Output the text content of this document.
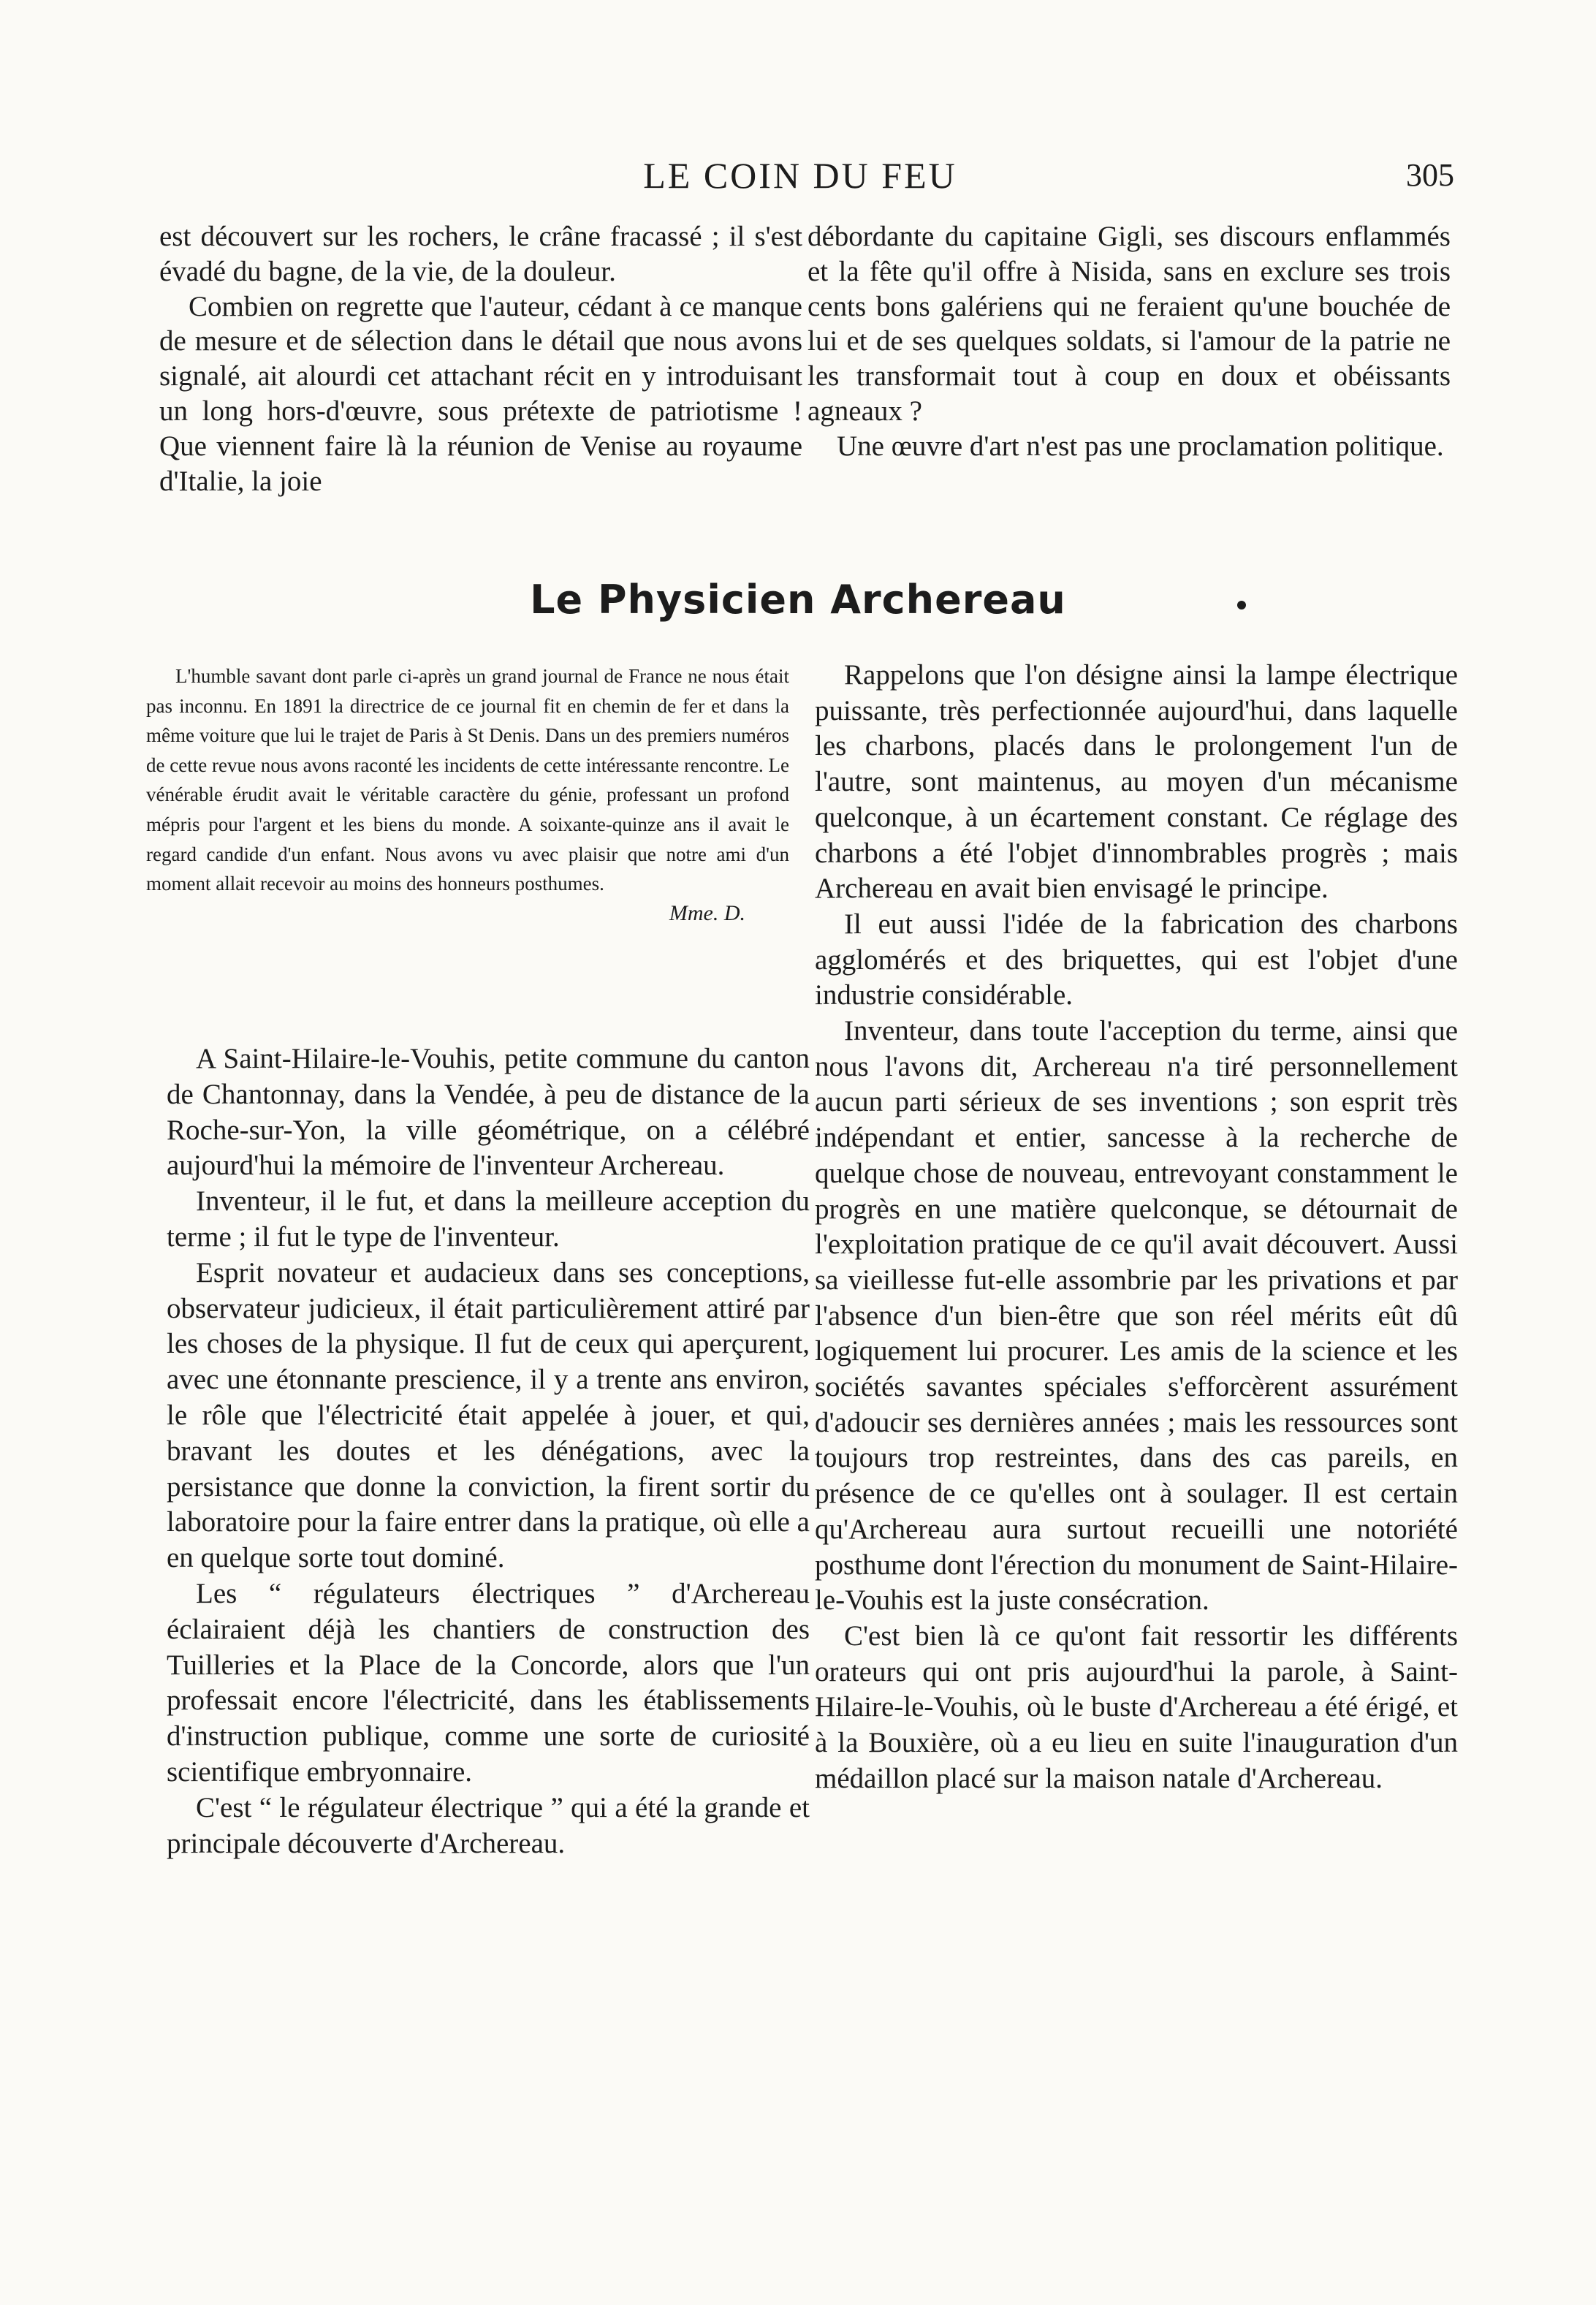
LE COIN DU FEU	305

est découvert sur les rochers, le crâne fracassé ; il s'est évadé du bagne, de la vie, de la douleur.

Combien on regrette que l'auteur, cédant à ce manque de mesure et de sélection dans le détail que nous avons signalé, ait alourdi cet attachant récit en y introduisant un long hors-d'œuvre, sous prétexte de patriotisme ! Que viennent faire là la réunion de Venise au royaume d'Italie, la joie

débordante du capitaine Gigli, ses discours enflammés et la fête qu'il offre à Nisida, sans en exclure ses trois cents bons galériens qui ne feraient qu'une bouchée de lui et de ses quelques soldats, si l'amour de la patrie ne les transformait tout à coup en doux et obéissants agneaux ?

Une œuvre d'art n'est pas une proclamation politique.

Le Physicien Archereau

L'humble savant dont parle ci-après un grand journal de France ne nous était pas inconnu. En 1891 la directrice de ce journal fit en chemin de fer et dans la même voiture que lui le trajet de Paris à St Denis. Dans un des premiers numéros de cette revue nous avons raconté les incidents de cette intéressante rencontre. Le vénérable érudit avait le véritable caractère du génie, professant un profond mépris pour l'argent et les biens du monde. A soixante-quinze ans il avait le regard candide d'un enfant. Nous avons vu avec plaisir que notre ami d'un moment allait recevoir au moins des honneurs posthumes.

Mme. D.

A Saint-Hilaire-le-Vouhis, petite commune du canton de Chantonnay, dans la Vendée, à peu de distance de la Roche-sur-Yon, la ville géométrique, on a célébré aujourd'hui la mémoire de l'inventeur Archereau.

Inventeur, il le fut, et dans la meilleure acception du terme ; il fut le type de l'inventeur.

Esprit novateur et audacieux dans ses conceptions, observateur judicieux, il était particulièrement attiré par les choses de la physique. Il fut de ceux qui aperçurent, avec une étonnante prescience, il y a trente ans environ, le rôle que l'électricité était appelée à jouer, et qui, bravant les doutes et les dénégations, avec la persistance que donne la conviction, la firent sortir du laboratoire pour la faire entrer dans la pratique, où elle a en quelque sorte tout dominé.

Les “ régulateurs électriques ” d'Archereau éclairaient déjà les chantiers de construction des Tuilleries et la Place de la Concorde, alors que l'un professait encore l'électricité, dans les établissements d'instruction publique, comme une sorte de curiosité scientifique embryonnaire.

C'est “ le régulateur électrique ” qui a été la grande et principale découverte d'Archereau.

Rappelons que l'on désigne ainsi la lampe électrique puissante, très perfectionnée aujourd'hui, dans laquelle les charbons, placés dans le prolongement l'un de l'autre, sont maintenus, au moyen d'un mécanisme quelconque, à un écartement constant. Ce réglage des charbons a été l'objet d'innombrables progrès ; mais Archereau en avait bien envisagé le principe.

Il eut aussi l'idée de la fabrication des charbons agglomérés et des briquettes, qui est l'objet d'une industrie considérable.

Inventeur, dans toute l'acception du terme, ainsi que nous l'avons dit, Archereau n'a tiré personnellement aucun parti sérieux de ses inventions ; son esprit très indépendant et entier, sancesse à la recherche de quelque chose de nouveau, entrevoyant constamment le progrès en une matière quelconque, se détournait de l'exploitation pratique de ce qu'il avait découvert. Aussi sa vieillesse fut-elle assombrie par les privations et par l'absence d'un bien-être que son réel mérits eût dû logiquement lui procurer. Les amis de la science et les sociétés savantes spéciales s'efforcèrent assurément d'adoucir ses dernières années ; mais les ressources sont toujours trop restreintes, dans des cas pareils, en présence de ce qu'elles ont à soulager. Il est certain qu'Archereau aura surtout recueilli une notoriété posthume dont l'érection du monument de Saint-Hilaire-le-Vouhis est la juste consécration.

C'est bien là ce qu'ont fait ressortir les différents orateurs qui ont pris aujourd'hui la parole, à Saint-Hilaire-le-Vouhis, où le buste d'Archereau a été érigé, et à la Bouxière, où a eu lieu en suite l'inauguration d'un médaillon placé sur la maison natale d'Archereau.
